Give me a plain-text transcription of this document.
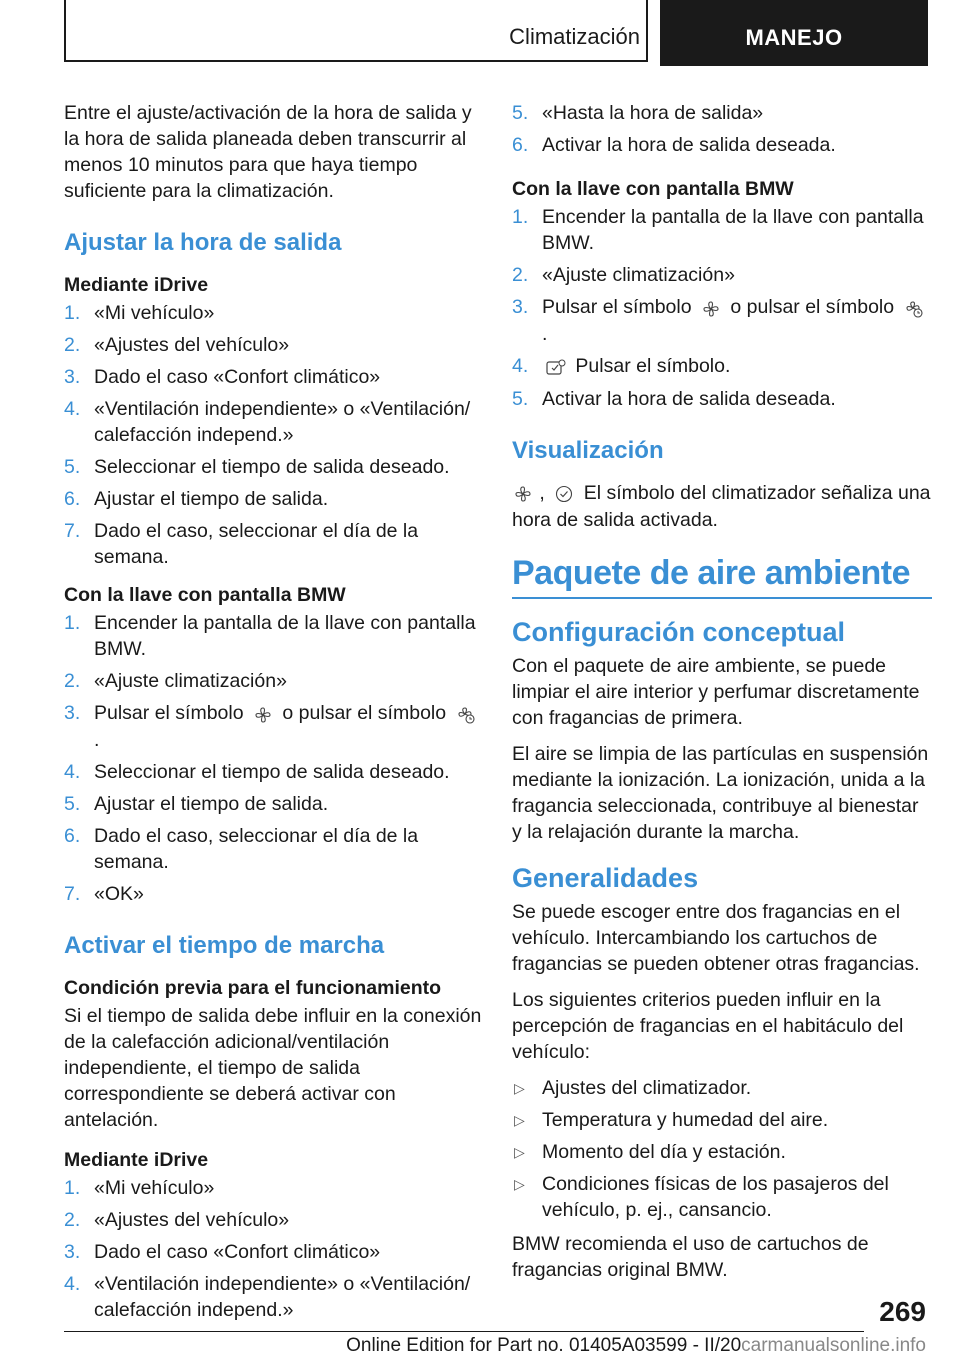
Climatización	MANEJO

Entre el ajuste/activación de la hora de salida y la hora de salida planeada deben transcurrir al menos 10 minutos para que haya tiempo suficiente para la climatización.

Ajustar la hora de salida
Mediante iDrive
1. «Mi vehículo»
2. «Ajustes del vehículo»
3. Dado el caso «Confort climático»
4. «Ventilación independiente» o «Ventilación/ calefacción independ.»
5. Seleccionar el tiempo de salida deseado.
6. Ajustar el tiempo de salida.
7. Dado el caso, seleccionar el día de la semana.
Con la llave con pantalla BMW
1. Encender la pantalla de la llave con pantalla BMW.
2. «Ajuste climatización»
3. Pulsar el símbolo o pulsar el símbolo  .
4. Seleccionar el tiempo de salida deseado.
5. Ajustar el tiempo de salida.
6. Dado el caso, seleccionar el día de la semana.
7. «OK»
Activar el tiempo de marcha
Condición previa para el funcionamiento

Si el tiempo de salida debe influir en la conexión de la calefacción adicional/ventilación independiente, el tiempo de salida correspondiente se deberá activar con antelación.

Mediante iDrive
1. «Mi vehículo»
2. «Ajustes del vehículo»
3. Dado el caso «Confort climático»
4. «Ventilación independiente» o «Ventilación/ calefacción independ.»
5. «Hasta la hora de salida»
6. Activar la hora de salida deseada.
Con la llave con pantalla BMW
1. Encender la pantalla de la llave con pantalla BMW.
2. «Ajuste climatización»
3. Pulsar el símbolo o pulsar el símbolo  .
4. Pulsar el símbolo.
5. Activar la hora de salida deseada.
Visualización

, El símbolo del climatizador señaliza una hora de salida activada.

Paquete de aire ambiente
Configuración conceptual

Con el paquete de aire ambiente, se puede limpiar el aire interior y perfumar discretamente con fragancias de primera.

El aire se limpia de las partículas en suspensión mediante la ionización. La ionización, unida a la fragancia seleccionada, contribuye al bienestar y la relajación durante la marcha.

Generalidades

Se puede escoger entre dos fragancias en el vehículo. Intercambiando los cartuchos de fragancias se pueden obtener otras fragancias.

Los siguientes criterios pueden influir en la percepción de fragancias en el habitáculo del vehículo:

▷ Ajustes del climatizador.
▷ Temperatura y humedad del aire.
▷ Momento del día y estación.
▷ Condiciones físicas de los pasajeros del vehículo, p. ej., cansancio.

BMW recomienda el uso de cartuchos de fragancias original BMW.

269
Online Edition for Part no. 01405A03599 - II/20carmanualsonline.info
